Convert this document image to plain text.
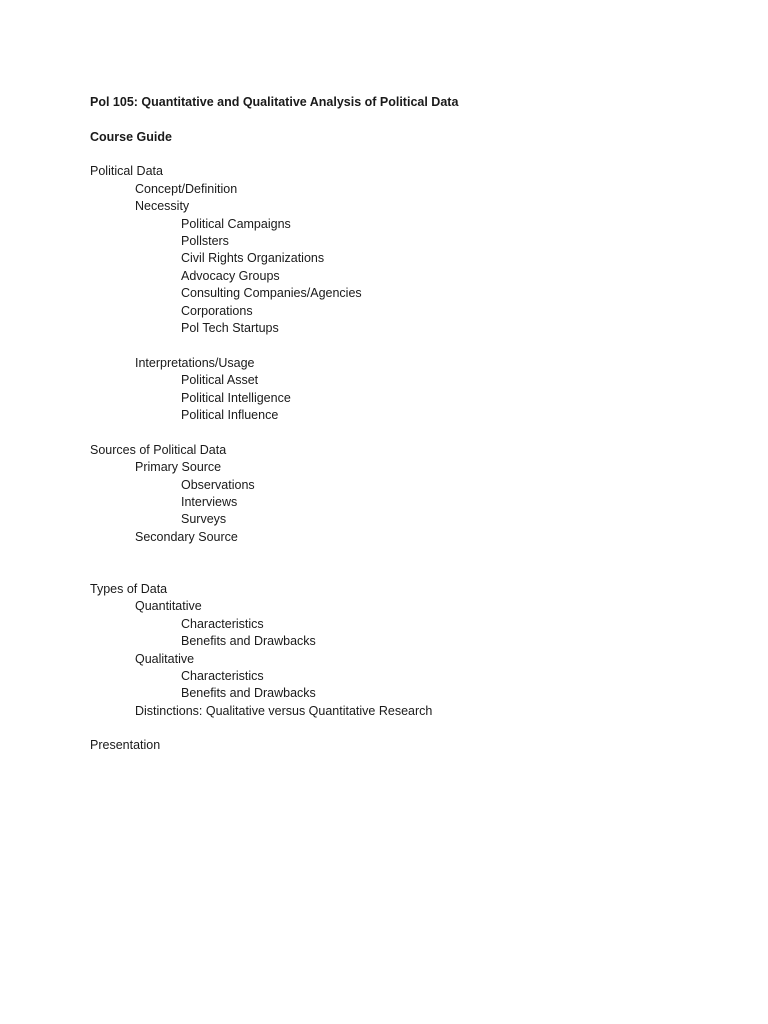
Pol 105: Quantitative and Qualitative Analysis of Political Data
Course Guide
Political Data
Concept/Definition
Necessity
Political Campaigns
Pollsters
Civil Rights Organizations
Advocacy Groups
Consulting Companies/Agencies
Corporations
Pol Tech Startups
Interpretations/Usage
Political Asset
Political Intelligence
Political Influence
Sources of Political Data
Primary Source
Observations
Interviews
Surveys
Secondary Source
Types of Data
Quantitative
Characteristics
Benefits and Drawbacks
Qualitative
Characteristics
Benefits and Drawbacks
Distinctions: Qualitative versus Quantitative Research
Presentation
